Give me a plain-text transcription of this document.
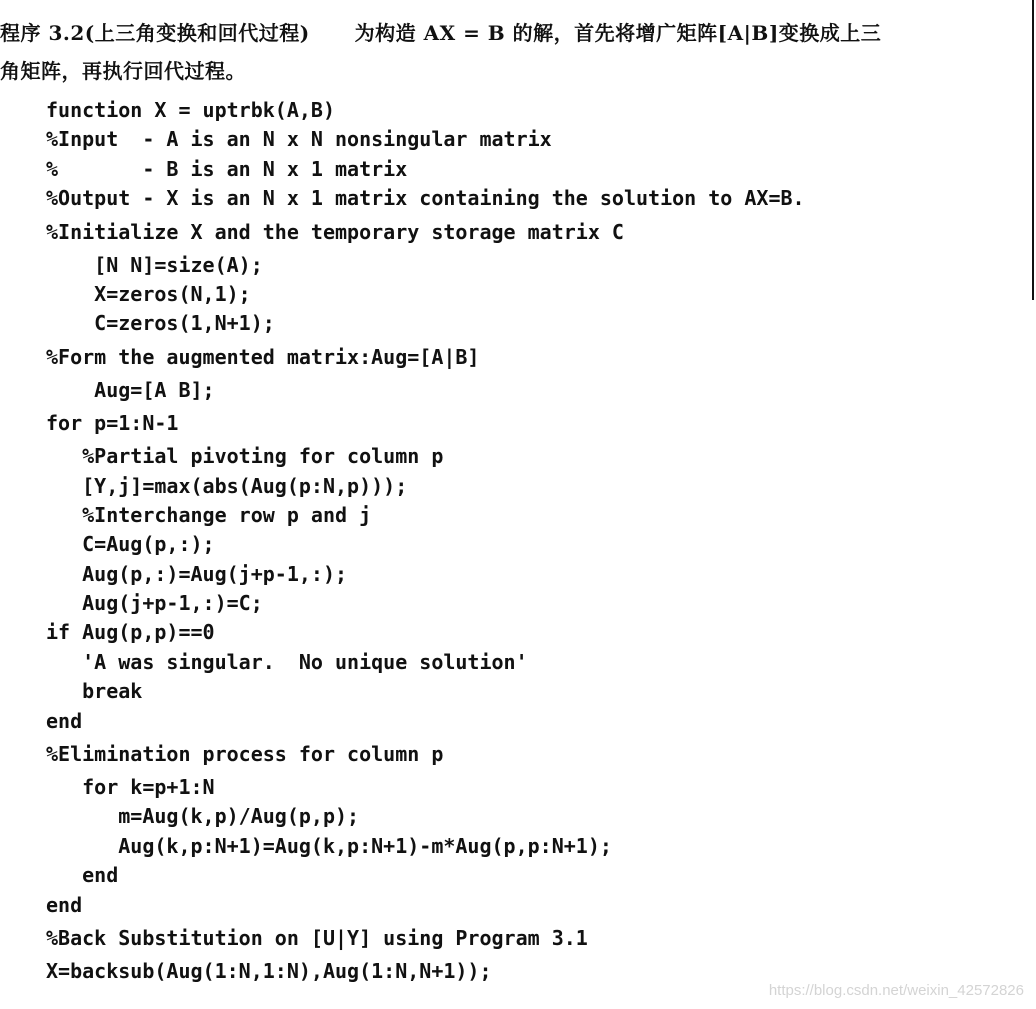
程序 3.2(上三角变换和回代过程) 为构造 AX = B 的解，首先将增广矩阵[A|B]变换成上三
角矩阵，再执行回代过程。
function X = uptrbk(A,B)
%Input  - A is an N x N nonsingular matrix
%       - B is an N x 1 matrix
%Output - X is an N x 1 matrix containing the solution to AX=B.
%Initialize X and the temporary storage matrix C
[N N]=size(A);
X=zeros(N,1);
C=zeros(1,N+1);
%Form the augmented matrix:Aug=[A|B]
Aug=[A B];
for p=1:N-1
%Partial pivoting for column p
[Y,j]=max(abs(Aug(p:N,p)));
%Interchange row p and j
C=Aug(p,:);
Aug(p,:)=Aug(j+p-1,:);
Aug(j+p-1,:)=C;
if Aug(p,p)==0
'A was singular.  No unique solution'
break
end
%Elimination process for column p
for k=p+1:N
m=Aug(k,p)/Aug(p,p);
Aug(k,p:N+1)=Aug(k,p:N+1)-m*Aug(p,p:N+1);
end
end
%Back Substitution on [U|Y] using Program 3.1
X=backsub(Aug(1:N,1:N),Aug(1:N,N+1));
https://blog.csdn.net/weixin_42572826
